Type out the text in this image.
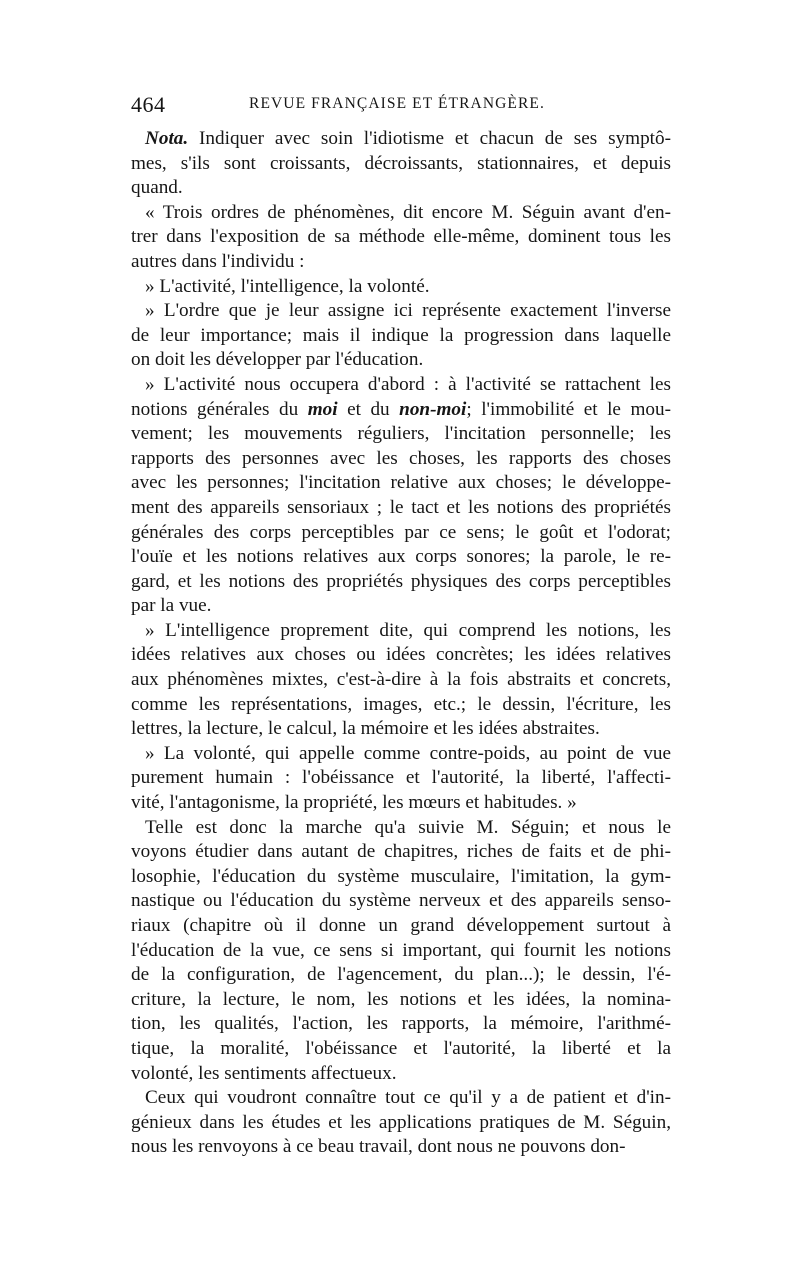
464	REVUE FRANÇAISE ET ÉTRANGÈRE.

Nota. Indiquer avec soin l'idiotisme et chacun de ses symptô-
mes, s'ils sont croissants, décroissants, stationnaires, et depuis
quand.

« Trois ordres de phénomènes, dit encore M. Séguin avant d'en-
trer dans l'exposition de sa méthode elle-même, dominent tous les
autres dans l'individu :

» L'activité, l'intelligence, la volonté.

» L'ordre que je leur assigne ici représente exactement l'inverse
de leur importance; mais il indique la progression dans laquelle
on doit les développer par l'éducation.

» L'activité nous occupera d'abord : à l'activité se rattachent les
notions générales du moi et du non-moi; l'immobilité et le mou-
vement; les mouvements réguliers, l'incitation personnelle; les
rapports des personnes avec les choses, les rapports des choses
avec les personnes; l'incitation relative aux choses; le développe-
ment des appareils sensoriaux ; le tact et les notions des propriétés
générales des corps perceptibles par ce sens; le goût et l'odorat;
l'ouïe et les notions relatives aux corps sonores; la parole, le re-
gard, et les notions des propriétés physiques des corps perceptibles
par la vue.

» L'intelligence proprement dite, qui comprend les notions, les
idées relatives aux choses ou idées concrètes; les idées relatives
aux phénomènes mixtes, c'est-à-dire à la fois abstraits et concrets,
comme les représentations, images, etc.; le dessin, l'écriture, les
lettres, la lecture, le calcul, la mémoire et les idées abstraites.

» La volonté, qui appelle comme contre-poids, au point de vue
purement humain : l'obéissance et l'autorité, la liberté, l'affecti-
vité, l'antagonisme, la propriété, les mœurs et habitudes. »

Telle est donc la marche qu'a suivie M. Séguin; et nous le
voyons étudier dans autant de chapitres, riches de faits et de phi-
losophie, l'éducation du système musculaire, l'imitation, la gym-
nastique ou l'éducation du système nerveux et des appareils senso-
riaux (chapitre où il donne un grand développement surtout à
l'éducation de la vue, ce sens si important, qui fournit les notions
de la configuration, de l'agencement, du plan...); le dessin, l'é-
criture, la lecture, le nom, les notions et les idées, la nomina-
tion, les qualités, l'action, les rapports, la mémoire, l'arithmé-
tique, la moralité, l'obéissance et l'autorité, la liberté et la
volonté, les sentiments affectueux.

Ceux qui voudront connaître tout ce qu'il y a de patient et d'in-
génieux dans les études et les applications pratiques de M. Séguin,
nous les renvoyons à ce beau travail, dont nous ne pouvons don-
